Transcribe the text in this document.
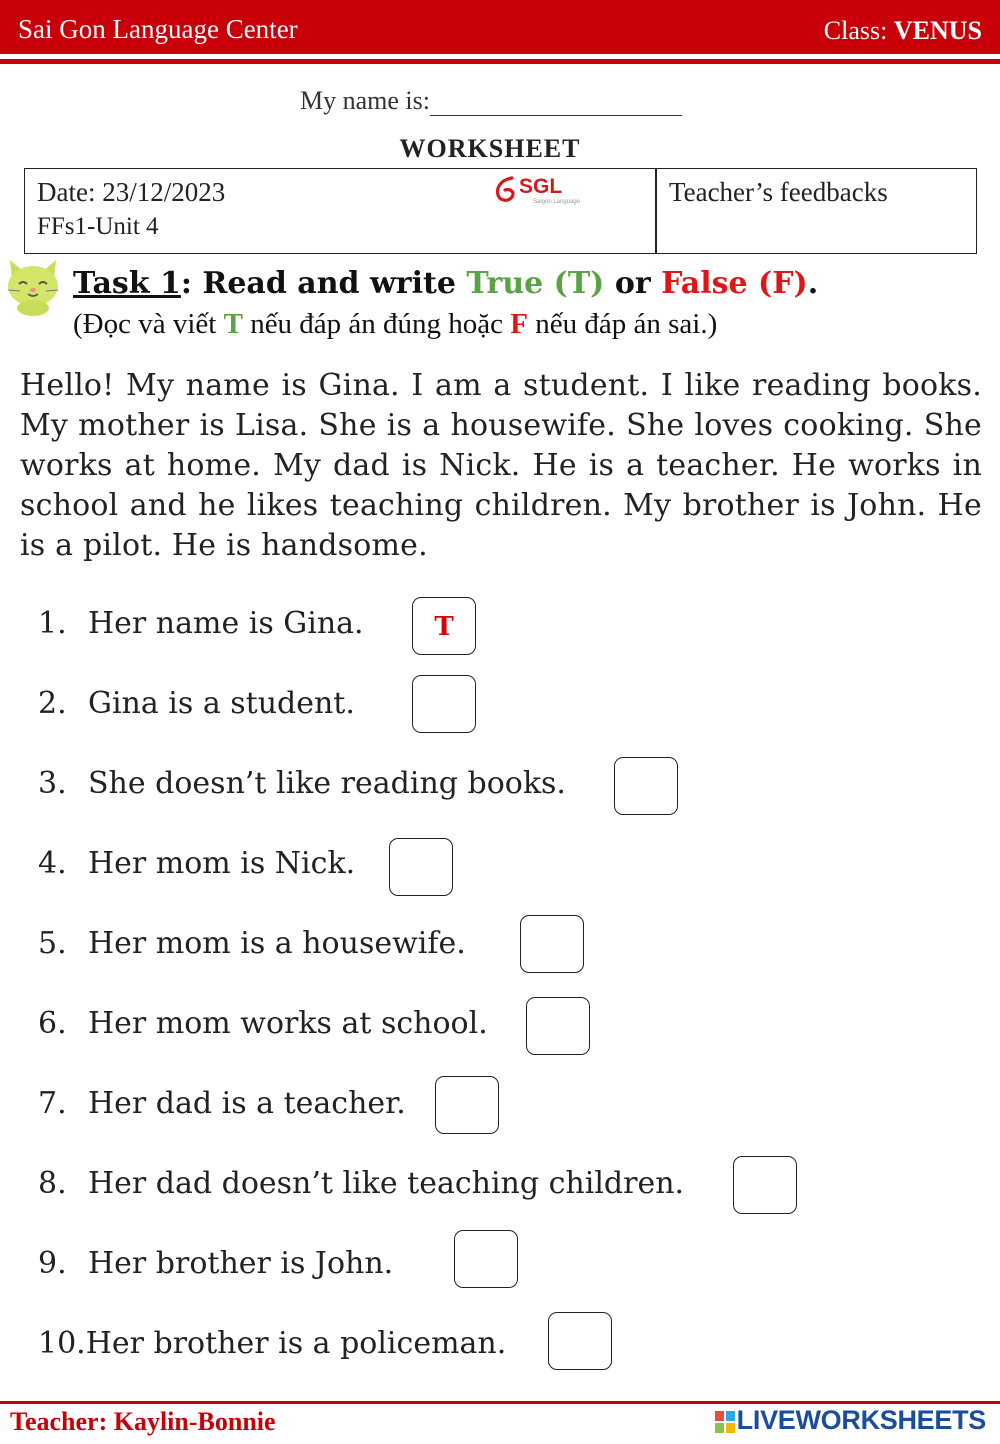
Sai Gon Language Center	Class: VENUS
My name is:
WORKSHEET
Date: 23/12/2023
FFs1-Unit 4
SGL
Saigon Language	Teacher’s feedbacks
Task 1: Read and write True (T) or False (F).
(Đọc và viết T nếu đáp án đúng hoặc F nếu đáp án sai.)
Hello! My name is Gina. I am a student. I like reading books. My mother is Lisa. She is a housewife. She loves cooking. She works at home. My dad is Nick. He is a teacher. He works in school and he likes teaching children. My brother is John. He is a pilot. He is handsome.
1. Her name is Gina.	T
2. Gina is a student.
3. She doesn’t like reading books.
4. Her mom is Nick.
5. Her mom is a housewife.
6. Her mom works at school.
7. Her dad is a teacher.
8. Her dad doesn’t like teaching children.
9. Her brother is John.
10.Her brother is a policeman.
Teacher: Kaylin-Bonnie	LIVEWORKSHEETS
